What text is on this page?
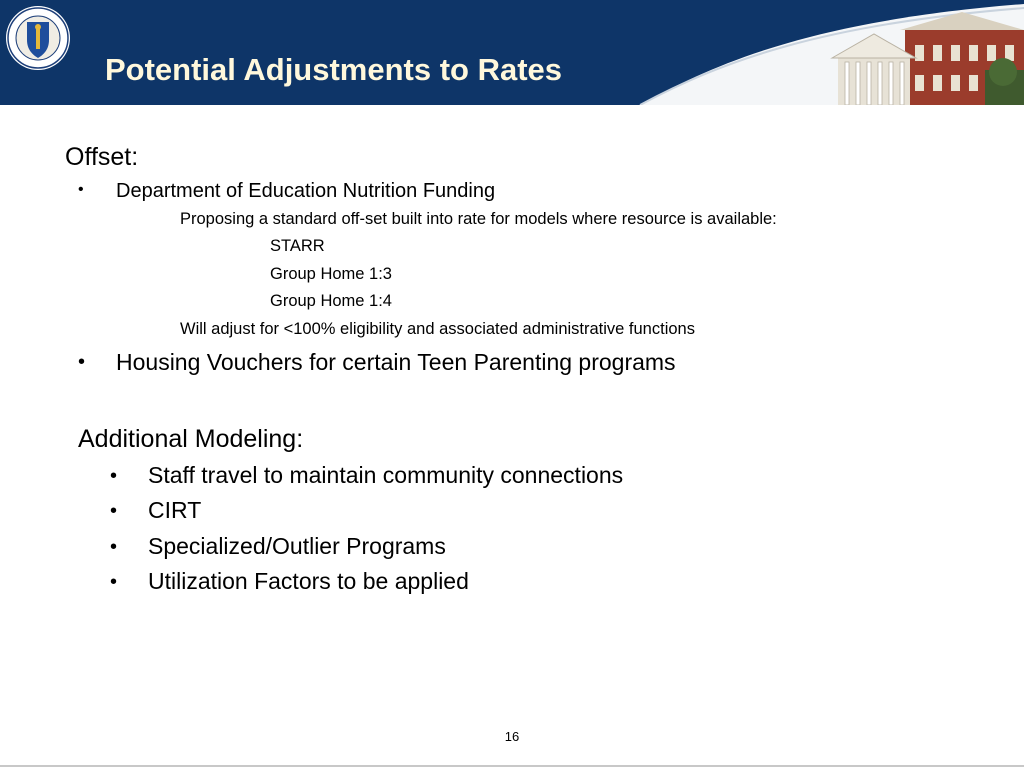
Potential Adjustments to Rates
Offset:
• Department of Education Nutrition Funding
Proposing a standard off-set built into rate for models where resource is available:
STARR
Group Home 1:3
Group Home 1:4
Will adjust for <100% eligibility and associated administrative functions
• Housing Vouchers for certain Teen Parenting programs
Additional Modeling:
• Staff travel to maintain community connections
• CIRT
• Specialized/Outlier Programs
• Utilization Factors to be applied
16
